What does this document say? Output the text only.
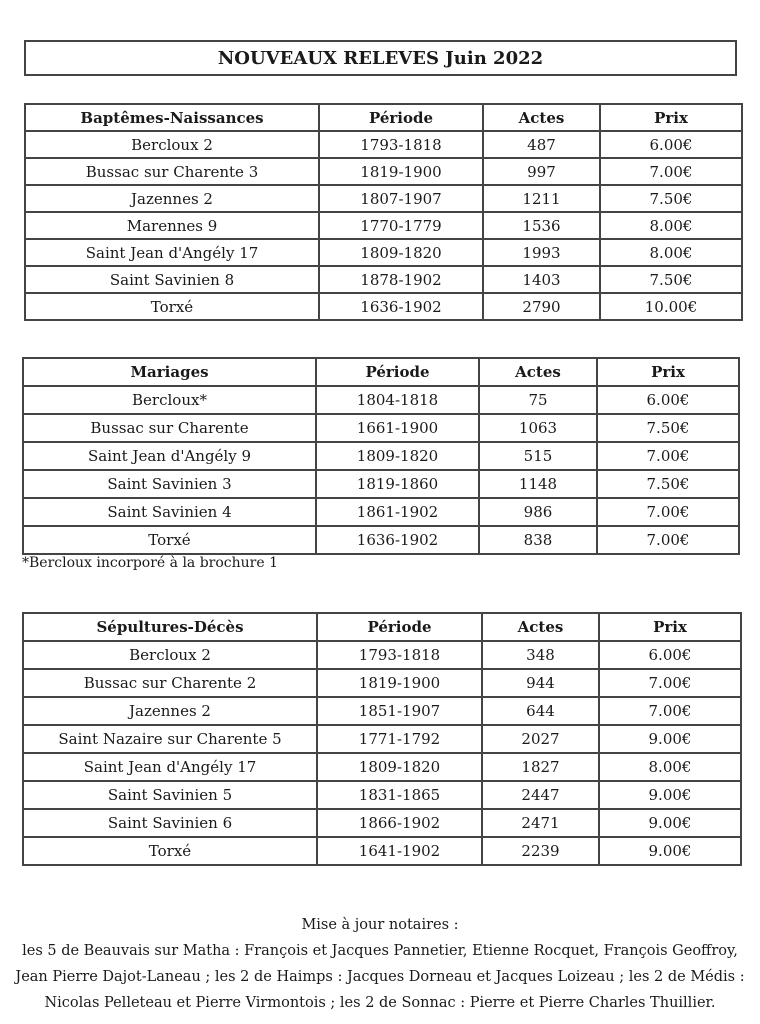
NOUVEAUX RELEVES Juin 2022
Baptêmes-Naissances	Période	Actes	Prix
Bercloux 2	1793-1818	487	6.00€
Bussac sur Charente 3	1819-1900	997	7.00€
Jazennes 2	1807-1907	1211	7.50€
Marennes 9	1770-1779	1536	8.00€
Saint Jean d'Angély 17	1809-1820	1993	8.00€
Saint Savinien 8	1878-1902	1403	7.50€
Torxé	1636-1902	2790	10.00€
Mariages	Période	Actes	Prix
Bercloux*	1804-1818	75	6.00€
Bussac sur Charente	1661-1900	1063	7.50€
Saint Jean d'Angély 9	1809-1820	515	7.00€
Saint Savinien 3	1819-1860	1148	7.50€
Saint Savinien 4	1861-1902	986	7.00€
Torxé	1636-1902	838	7.00€
*Bercloux incorporé à la brochure 1
Sépultures-Décès	Période	Actes	Prix
Bercloux 2	1793-1818	348	6.00€
Bussac sur Charente 2	1819-1900	944	7.00€
Jazennes 2	1851-1907	644	7.00€
Saint Nazaire sur Charente 5	1771-1792	2027	9.00€
Saint Jean d'Angély 17	1809-1820	1827	8.00€
Saint Savinien 5	1831-1865	2447	9.00€
Saint Savinien 6	1866-1902	2471	9.00€
Torxé	1641-1902	2239	9.00€
Mise à jour notaires :
les 5 de Beauvais sur Matha : François et Jacques Pannetier, Etienne Rocquet, François Geoffroy,
Jean Pierre Dajot-Laneau ; les 2 de Haimps : Jacques Dorneau et Jacques Loizeau ; les 2 de Médis :
Nicolas Pelleteau et Pierre Virmontois ; les 2 de Sonnac : Pierre et Pierre Charles Thuillier.
